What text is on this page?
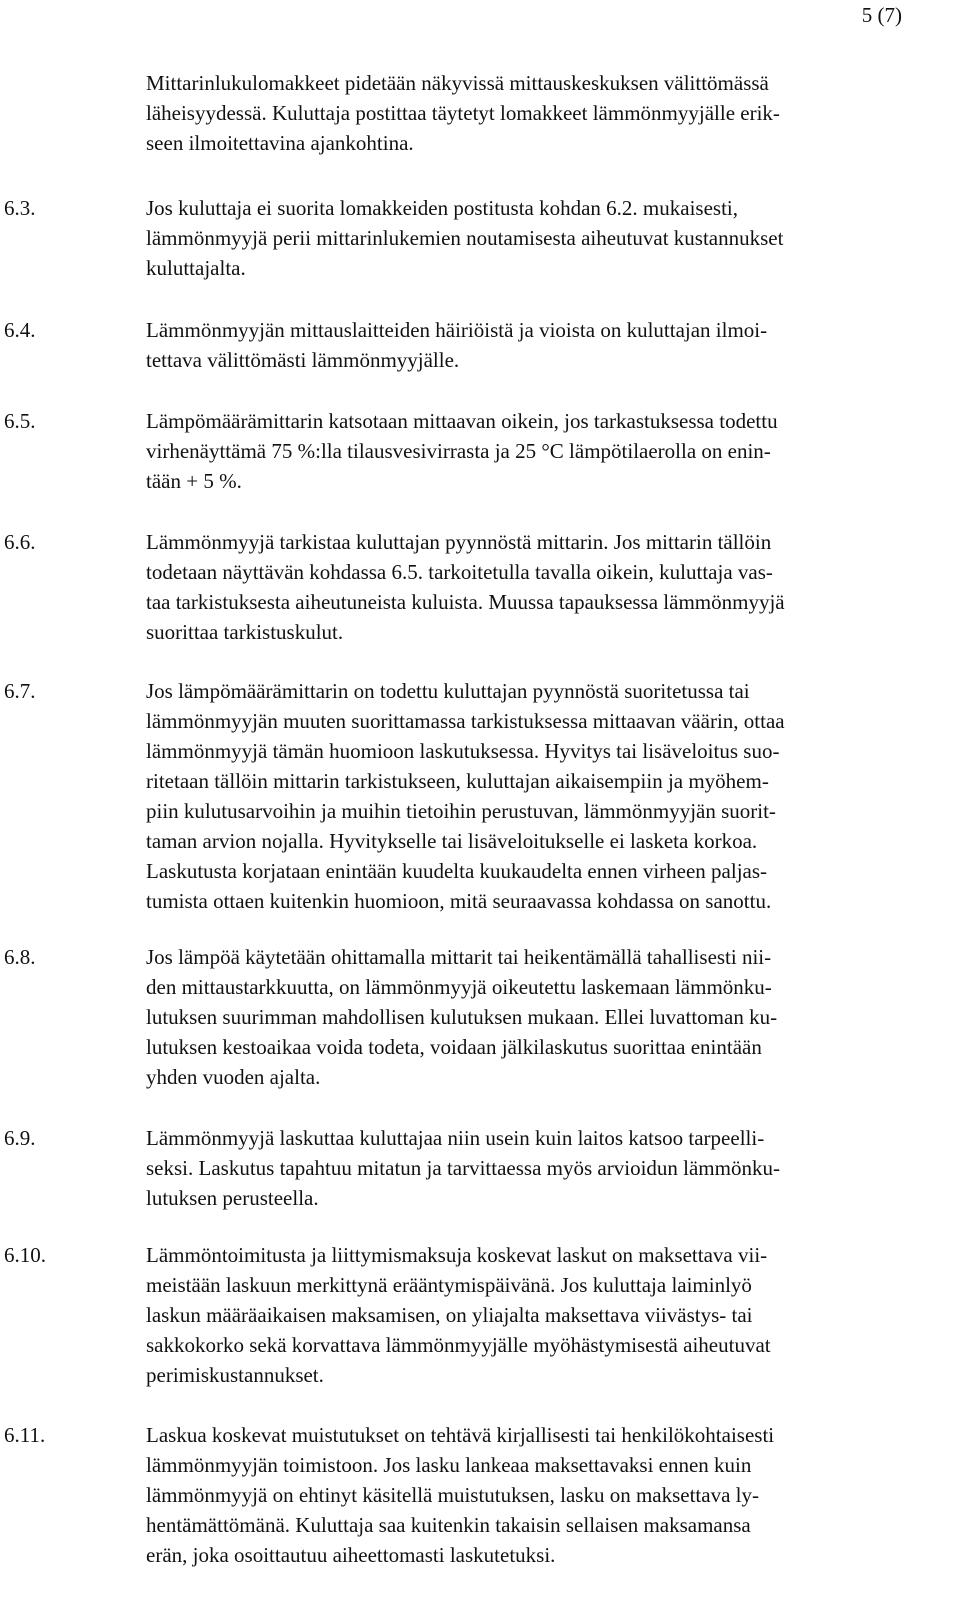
5 (7)
Mittarinlukulomakkeet pidetään näkyvissä mittauskeskuksen välittömässä
läheisyydessä. Kuluttaja postittaa täytetyt lomakkeet lämmönmyyjälle erik-
seen ilmoitettavina ajankohtina.
6.3.	Jos kuluttaja ei suorita lomakkeiden postitusta kohdan 6.2. mukaisesti,
lämmönmyyjä perii mittarinlukemien noutamisesta aiheutuvat kustannukset
kuluttajalta.
6.4.	Lämmönmyyjän mittauslaitteiden häiriöistä ja vioista on kuluttajan ilmoi-
tettava välittömästi lämmönmyyjälle.
6.5.	Lämpömäärämittarin katsotaan mittaavan oikein, jos tarkastuksessa todettu
virhenäyttämä 75 %:lla tilausvesivirrasta ja 25 °C lämpötilaerolla on enin-
tään + 5 %.
6.6.	Lämmönmyyjä tarkistaa kuluttajan pyynnöstä mittarin. Jos mittarin tällöin
todetaan näyttävän kohdassa 6.5. tarkoitetulla tavalla oikein, kuluttaja vas-
taa tarkistuksesta aiheutuneista kuluista. Muussa tapauksessa lämmönmyyjä
suorittaa tarkistuskulut.
6.7.	Jos lämpömäärämittarin on todettu kuluttajan pyynnöstä suoritetussa tai
lämmönmyyjän muuten suorittamassa tarkistuksessa mittaavan väärin, ottaa
lämmönmyyjä tämän huomioon laskutuksessa. Hyvitys tai lisäveloitus suo-
ritetaan tällöin mittarin tarkistukseen, kuluttajan aikaisempiin ja myöhem-
piin kulutusarvoihin ja muihin tietoihin perustuvan, lämmönmyyjän suorit-
taman arvion nojalla. Hyvitykselle tai lisäveloitukselle ei lasketa korkoa.
Laskutusta korjataan enintään kuudelta kuukaudelta ennen virheen paljas-
tumista ottaen kuitenkin huomioon, mitä seuraavassa kohdassa on sanottu.
6.8.	Jos lämpöä käytetään ohittamalla mittarit tai heikentämällä tahallisesti nii-
den mittaustarkkuutta, on lämmönmyyjä oikeutettu laskemaan lämmönku-
lutuksen suurimman mahdollisen kulutuksen mukaan. Ellei luvattoman ku-
lutuksen kestoaikaa voida todeta, voidaan jälkilaskutus suorittaa enintään
yhden vuoden ajalta.
6.9.	Lämmönmyyjä laskuttaa kuluttajaa niin usein kuin laitos katsoo tarpeelli-
seksi. Laskutus tapahtuu mitatun ja tarvittaessa myös arvioidun lämmönku-
lutuksen perusteella.
6.10.	Lämmöntoimitusta ja liittymismaksuja koskevat laskut on maksettava vii-
meistään laskuun merkittynä erääntymispäivänä. Jos kuluttaja laiminlyö
laskun määräaikaisen maksamisen, on yliajalta maksettava viivästys- tai
sakkokorko sekä korvattava lämmönmyyjälle myöhästymisestä aiheutuvat
perimiskustannukset.
6.11.	Laskua koskevat muistutukset on tehtävä kirjallisesti tai henkilökohtaisesti
lämmönmyyjän toimistoon. Jos lasku lankeaa maksettavaksi ennen kuin
lämmönmyyjä on ehtinyt käsitellä muistutuksen, lasku on maksettava ly-
hentämättömänä. Kuluttaja saa kuitenkin takaisin sellaisen maksamansa
erän, joka osoittautuu aiheettomasti laskutetuksi.
